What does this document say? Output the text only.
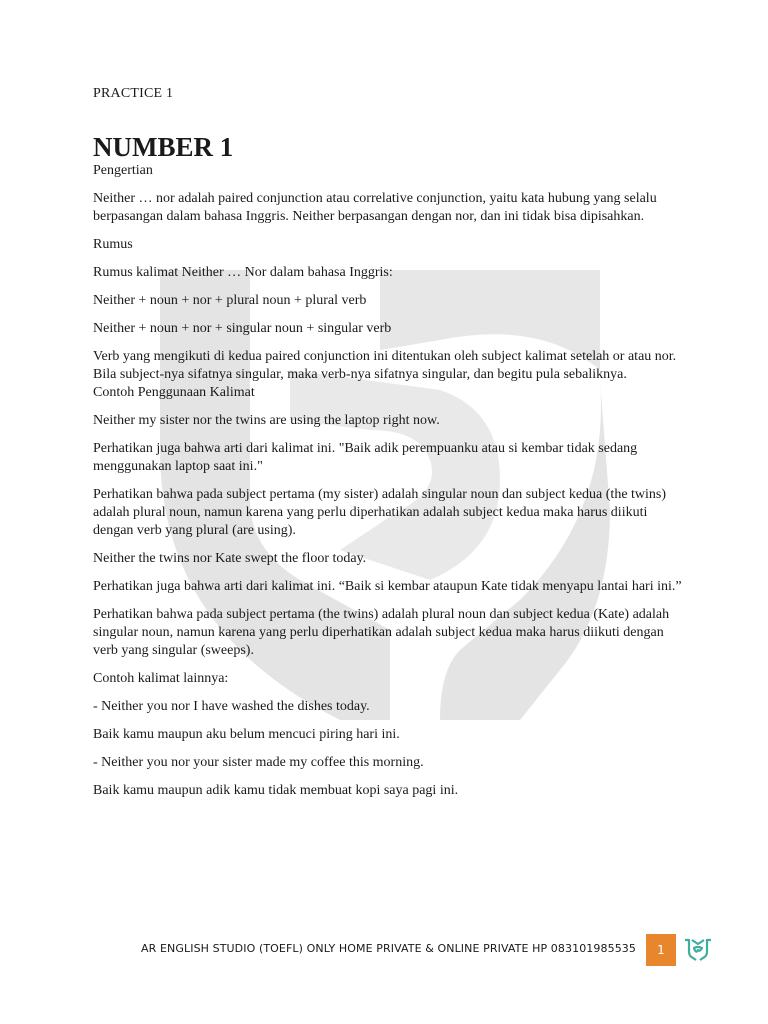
PRACTICE 1
NUMBER 1

Pengertian

Neither … nor adalah paired conjunction atau correlative conjunction, yaitu kata hubung yang selalu berpasangan dalam bahasa Inggris. Neither berpasangan dengan nor, dan ini tidak bisa dipisahkan.

Rumus

Rumus kalimat Neither … Nor dalam bahasa Inggris:

Neither + noun + nor + plural noun + plural verb

Neither + noun + nor + singular noun + singular verb

Verb yang mengikuti di kedua paired conjunction ini ditentukan oleh subject kalimat setelah or atau nor. Bila subject-nya sifatnya singular, maka verb-nya sifatnya singular, dan begitu pula sebaliknya.

Contoh Penggunaan Kalimat

Neither my sister nor the twins are using the laptop right now.

Perhatikan juga bahwa arti dari kalimat ini. "Baik adik perempuanku atau si kembar tidak sedang menggunakan laptop saat ini."

Perhatikan bahwa pada subject pertama (my sister) adalah singular noun dan subject kedua (the twins) adalah plural noun, namun karena yang perlu diperhatikan adalah subject kedua maka harus diikuti dengan verb yang plural (are using).

Neither the twins nor Kate swept the floor today.

Perhatikan juga bahwa arti dari kalimat ini. “Baik si kembar ataupun Kate tidak menyapu lantai hari ini.”

Perhatikan bahwa pada subject pertama (the twins) adalah plural noun dan subject kedua (Kate) adalah singular noun, namun karena yang perlu diperhatikan adalah subject kedua maka harus diikuti dengan verb yang singular (sweeps).

Contoh kalimat lainnya:

- Neither you nor I have washed the dishes today.

Baik kamu maupun aku belum mencuci piring hari ini.

- Neither you nor your sister made my coffee this morning.

Baik kamu maupun adik kamu tidak membuat kopi saya pagi ini.

AR ENGLISH STUDIO (TOEFL) ONLY HOME PRIVATE & ONLINE PRIVATE HP 083101985535	1
